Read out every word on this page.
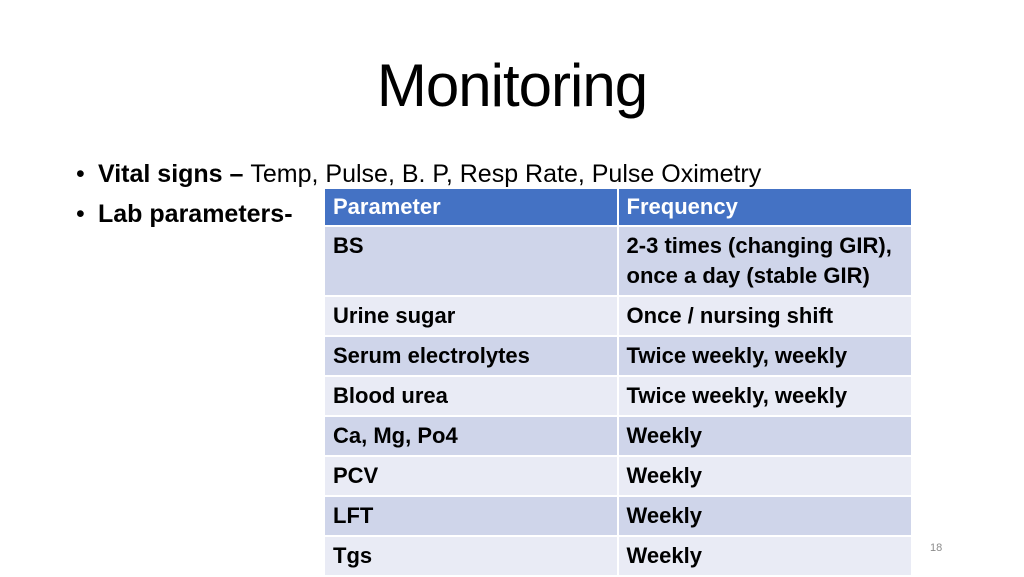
Monitoring
• Vital signs – Temp, Pulse, B. P, Resp Rate, Pulse Oximetry
• Lab parameters-	Parameter	Frequency
BS	2-3 times (changing GIR),
once a day (stable GIR)

Urine sugar	Once / nursing shift
Serum electrolytes	Twice weekly, weekly
Blood urea	Twice weekly, weekly
Ca, Mg, Po4	Weekly
PCV	Weekly
LFT	Weekly
Tgs	Weekly	18
